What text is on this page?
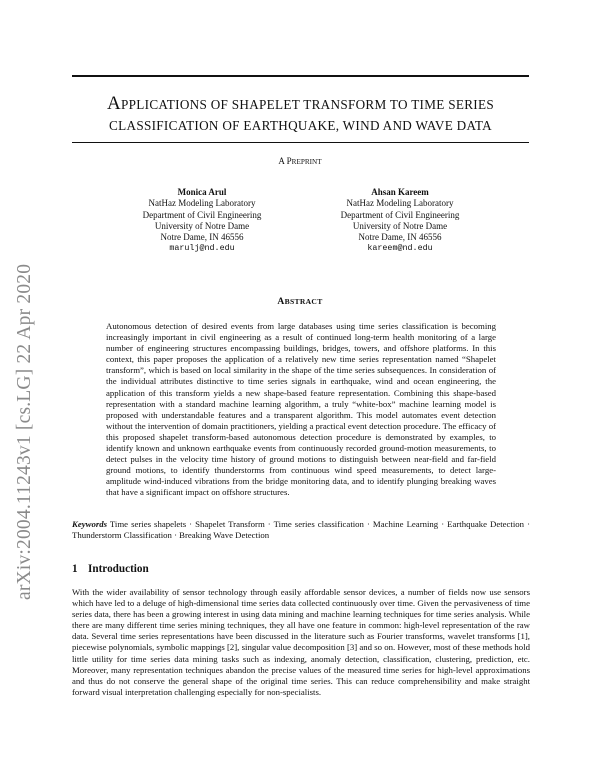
arXiv:2004.11243v1 [cs.LG] 22 Apr 2020
APPLICATIONS OF SHAPELET TRANSFORM TO TIME SERIES
CLASSIFICATION OF EARTHQUAKE, WIND AND WAVE DATA
A PREPRINT
Monica Arul
NatHaz Modeling Laboratory
Department of Civil Engineering
University of Notre Dame
Notre Dame, IN 46556
marulj@nd.edu
Ahsan Kareem
NatHaz Modeling Laboratory
Department of Civil Engineering
University of Notre Dame
Notre Dame, IN 46556
kareem@nd.edu
ABSTRACT

Autonomous detection of desired events from large databases using time series classification is becoming increasingly important in civil engineering as a result of continued long-term health monitoring of a large number of engineering structures encompassing buildings, bridges, towers, and offshore platforms. In this context, this paper proposes the application of a relatively new time series representation named “Shapelet transform”, which is based on local similarity in the shape of the time series subsequences. In consideration of the individual attributes distinctive to time series signals in earthquake, wind and ocean engineering, the application of this transform yields a new shape-based feature representation. Combining this shape-based representation with a standard machine learning algorithm, a truly “white-box” machine learning model is proposed with understandable features and a transparent algorithm. This model automates event detection without the intervention of domain practitioners, yielding a practical event detection procedure. The efficacy of this proposed shapelet transform-based autonomous detection procedure is demonstrated by examples, to identify known and unknown earthquake events from continuously recorded ground-motion measurements, to detect pulses in the velocity time history of ground motions to distinguish between near-field and far-field ground motions, to identify thunderstorms from continuous wind speed measurements, to detect large-amplitude wind-induced vibrations from the bridge monitoring data, and to identify plunging breaking waves that have a significant impact on offshore structures.

Keywords Time series shapelets · Shapelet Transform · Time series classification · Machine Learning · Earthquake Detection · Thunderstorm Classification · Breaking Wave Detection

1 Introduction

With the wider availability of sensor technology through easily affordable sensor devices, a number of fields now use sensors which have led to a deluge of high-dimensional time series data collected continuously over time. Given the pervasiveness of time series data, there has been a growing interest in using data mining and machine learning techniques for time series analysis. While there are many different time series mining techniques, they all have one feature in common: high-level representation of the raw data. Several time series representations have been discussed in the literature such as Fourier transforms, wavelet transforms [1], piecewise polynomials, symbolic mappings [2], singular value decomposition [3] and so on. However, most of these methods hold little utility for time series data mining tasks such as indexing, anomaly detection, classification, clustering, prediction, etc. Moreover, many representation techniques abandon the precise values of the measured time series for high-level approximations and thus do not conserve the general shape of the original time series. This can reduce comprehensibility and make straight forward visual interpretation challenging especially for non-specialists.
